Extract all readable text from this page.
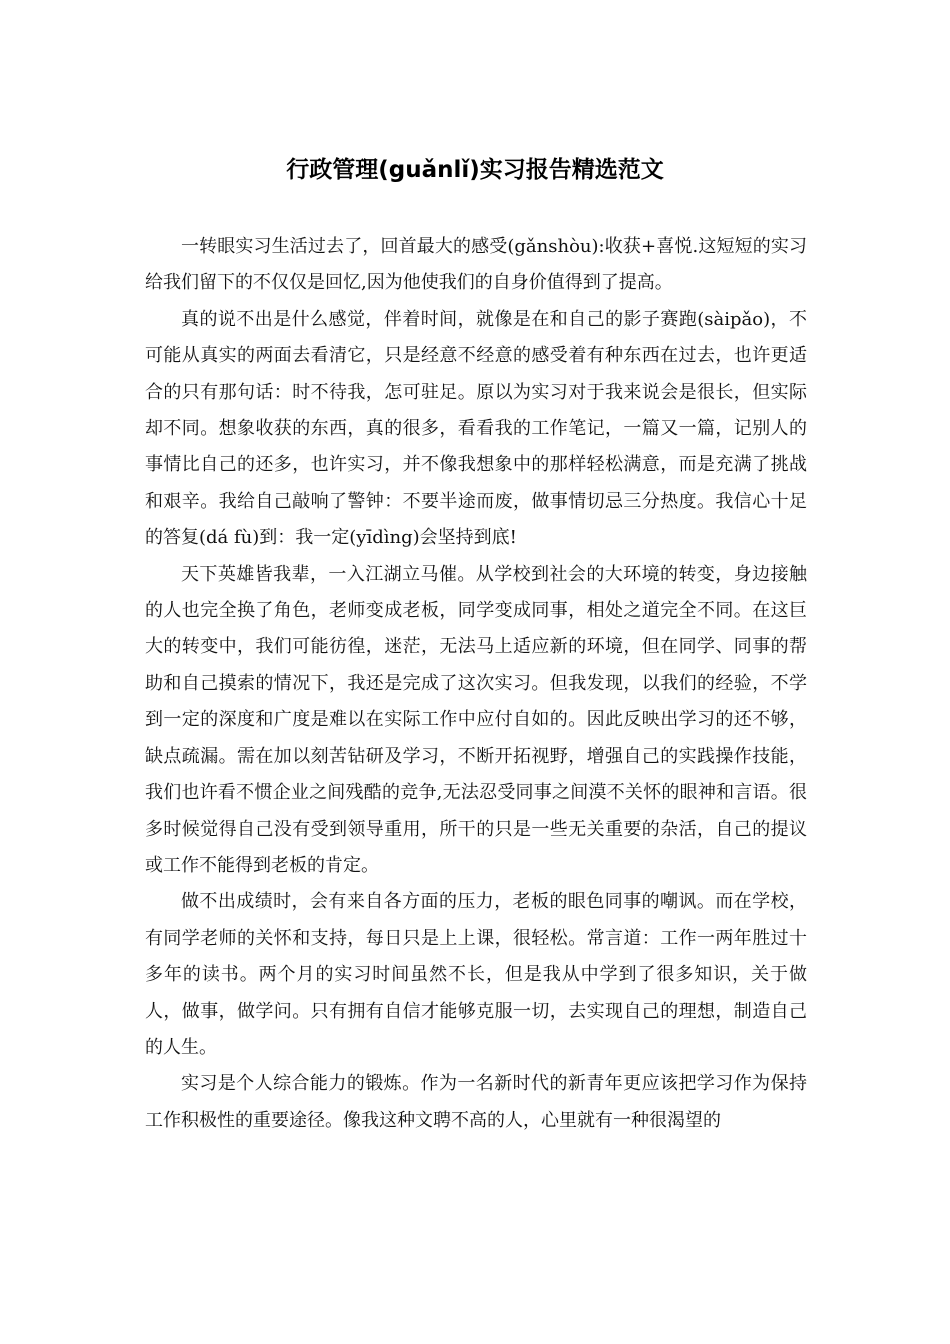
行政管理(guǎnlǐ)实习报告精选范文

一转眼实习生活过去了，回首最大的感受(gǎnshòu):收获+喜悦.这短短的实习给我们留下的不仅仅是回忆,因为他使我们的自身价值得到了提高。

真的说不出是什么感觉，伴着时间，就像是在和自己的影子赛跑(sàipǎo)，不可能从真实的两面去看清它，只是经意不经意的感受着有种东西在过去，也许更适合的只有那句话：时不待我，怎可驻足。原以为实习对于我来说会是很长，但实际却不同。想象收获的东西，真的很多，看看我的工作笔记，一篇又一篇，记别人的事情比自己的还多，也许实习，并不像我想象中的那样轻松满意，而是充满了挑战和艰辛。我给自己敲响了警钟：不要半途而废，做事情切忌三分热度。我信心十足的答复(dá fù)到：我一定(yīdìng)会坚持到底!

天下英雄皆我辈，一入江湖立马催。从学校到社会的大环境的转变，身边接触的人也完全换了角色，老师变成老板，同学变成同事，相处之道完全不同。在这巨大的转变中，我们可能彷徨，迷茫，无法马上适应新的环境，但在同学、同事的帮助和自己摸索的情况下，我还是完成了这次实习。但我发现，以我们的经验，不学到一定的深度和广度是难以在实际工作中应付自如的。因此反映出学习的还不够，缺点疏漏。需在加以刻苦钻研及学习，不断开拓视野，增强自己的实践操作技能，我们也许看不惯企业之间残酷的竞争,无法忍受同事之间漠不关怀的眼神和言语。很多时候觉得自己没有受到领导重用，所干的只是一些无关重要的杂活，自己的提议或工作不能得到老板的肯定。

做不出成绩时，会有来自各方面的压力，老板的眼色同事的嘲讽。而在学校，有同学老师的关怀和支持，每日只是上上课，很轻松。常言道：工作一两年胜过十多年的读书。两个月的实习时间虽然不长，但是我从中学到了很多知识，关于做人，做事，做学问。只有拥有自信才能够克服一切，去实现自己的理想，制造自己的人生。

实习是个人综合能力的锻炼。作为一名新时代的新青年更应该把学习作为保持工作积极性的重要途径。像我这种文聘不高的人，心里就有一种很渴望的
